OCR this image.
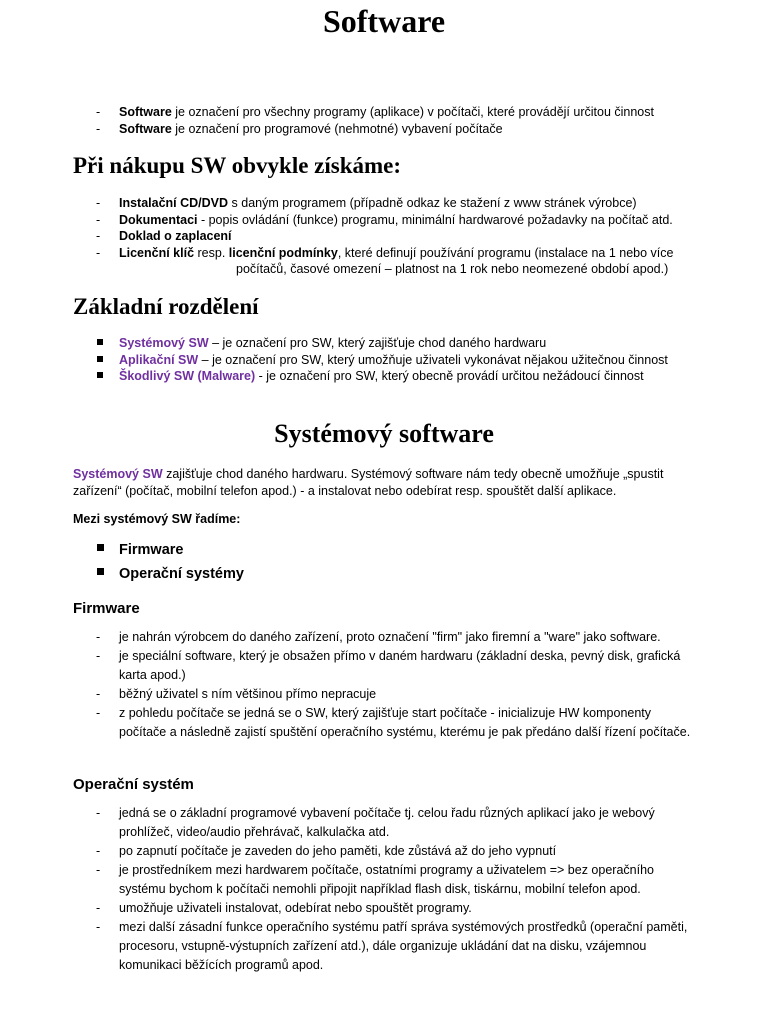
Software
-
Software je označení pro všechny programy (aplikace) v počítači, které provádějí určitou činnost
-
Software je označení pro programové (nehmotné) vybavení počítače
Při nákupu SW obvykle získáme:
-
Instalační CD/DVD s daným programem (případně odkaz ke stažení z www stránek výrobce)
-
Dokumentaci - popis ovládání (funkce) programu, minimální hardwarové požadavky na počítač atd.
-
Doklad o zaplacení
-
Licenční klíč resp. licenční podmínky, které definují používání programu (instalace na 1 nebo více
počítačů, časové omezení – platnost na 1 rok nebo neomezené období apod.)
Základní rozdělení
Systémový SW – je označení pro SW, který zajišťuje chod daného hardwaru
Aplikační SW – je označení pro SW, který umožňuje uživateli vykonávat nějakou užitečnou činnost
Škodlivý SW (Malware) - je označení pro SW, který obecně provádí určitou nežádoucí činnost
Systémový software

Systémový SW zajišťuje chod daného hardwaru. Systémový software nám tedy obecně umožňuje „spustit zařízení“ (počítač, mobilní telefon apod.) - a instalovat nebo odebírat resp. spouštět další aplikace.

Mezi systémový SW řadíme:

Firmware
Operační systémy
Firmware
-
je nahrán výrobcem do daného zařízení, proto označení "firm" jako firemní a "ware" jako software.
-
je speciální software, který je obsažen přímo v daném hardwaru (základní deska, pevný disk, grafická karta apod.)
-
běžný uživatel s ním většinou přímo nepracuje
-
z pohledu počítače se jedná se o SW, který zajišťuje start počítače - inicializuje HW komponenty počítače a následně zajistí spuštění operačního systému, kterému je pak předáno další řízení počítače.
Operační systém
-
jedná se o základní programové vybavení počítače tj. celou řadu různých aplikací jako je webový prohlížeč, video/audio přehrávač, kalkulačka atd.
-
po zapnutí počítače je zaveden do jeho paměti, kde zůstává až do jeho vypnutí
-
je prostředníkem mezi hardwarem počítače, ostatními programy a uživatelem => bez operačního systému bychom k počítači nemohli připojit například flash disk, tiskárnu, mobilní telefon apod.
-
umožňuje uživateli instalovat, odebírat nebo spouštět programy.
-
mezi další zásadní funkce operačního systému patří správa systémových prostředků (operační paměti, procesoru, vstupně-výstupních zařízení atd.), dále organizuje ukládání dat na disku, vzájemnou komunikaci běžících programů apod.
